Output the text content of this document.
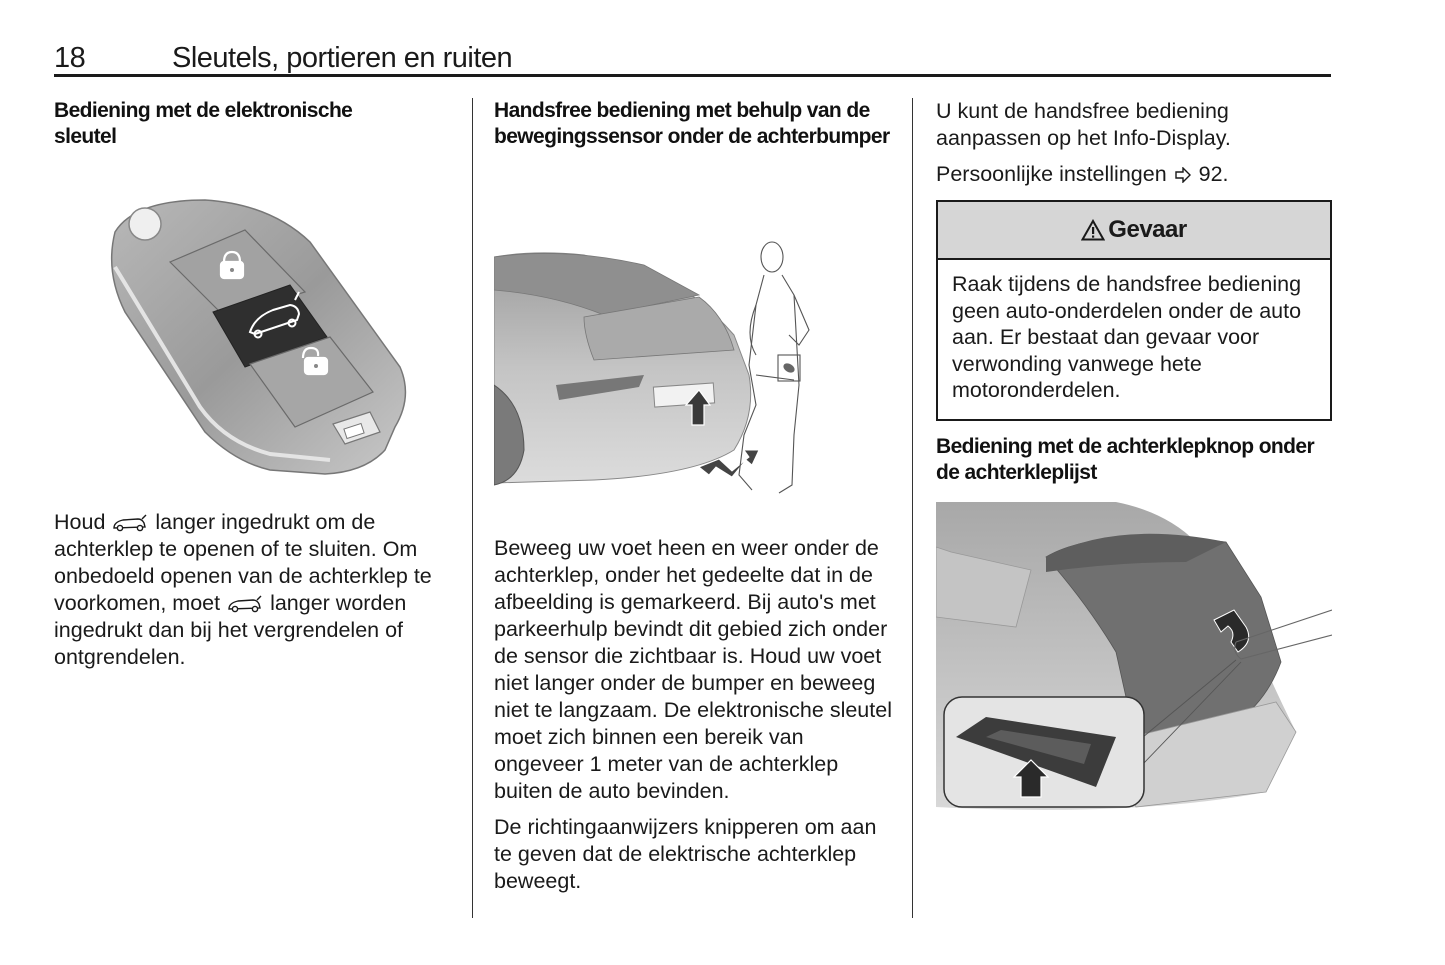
18	Sleutels, portieren en ruiten
Bediening met de elektronische sleutel

Houd  langer ingedrukt om de achterklep te openen of te sluiten. Om onbedoeld openen van de achterklep te voorkomen, moet  langer worden ingedrukt dan bij het vergrendelen of ontgrendelen.

Handsfree bediening met behulp van de bewegingssensor onder de achterbumper

Beweeg uw voet heen en weer onder de achterklep, onder het gedeelte dat in de afbeelding is gemarkeerd. Bij auto's met parkeerhulp bevindt dit gebied zich onder de sensor die zichtbaar is. Houd uw voet niet langer onder de bumper en beweeg niet te langzaam. De elektronische sleutel moet zich binnen een bereik van ongeveer 1 meter van de achterklep buiten de auto bevinden.

De richtingaanwijzers knipperen om aan te geven dat de elektrische achterklep beweegt.

U kunt de handsfree bediening aanpassen op het Info-Display.

Persoonlijke instellingen 92.

Gevaar
Raak tijdens de handsfree bediening geen auto-onderdelen onder de auto aan. Er bestaat dan gevaar voor verwonding vanwege hete motoronderdelen.
Bediening met de achterklepknop onder de achterkleplijst
